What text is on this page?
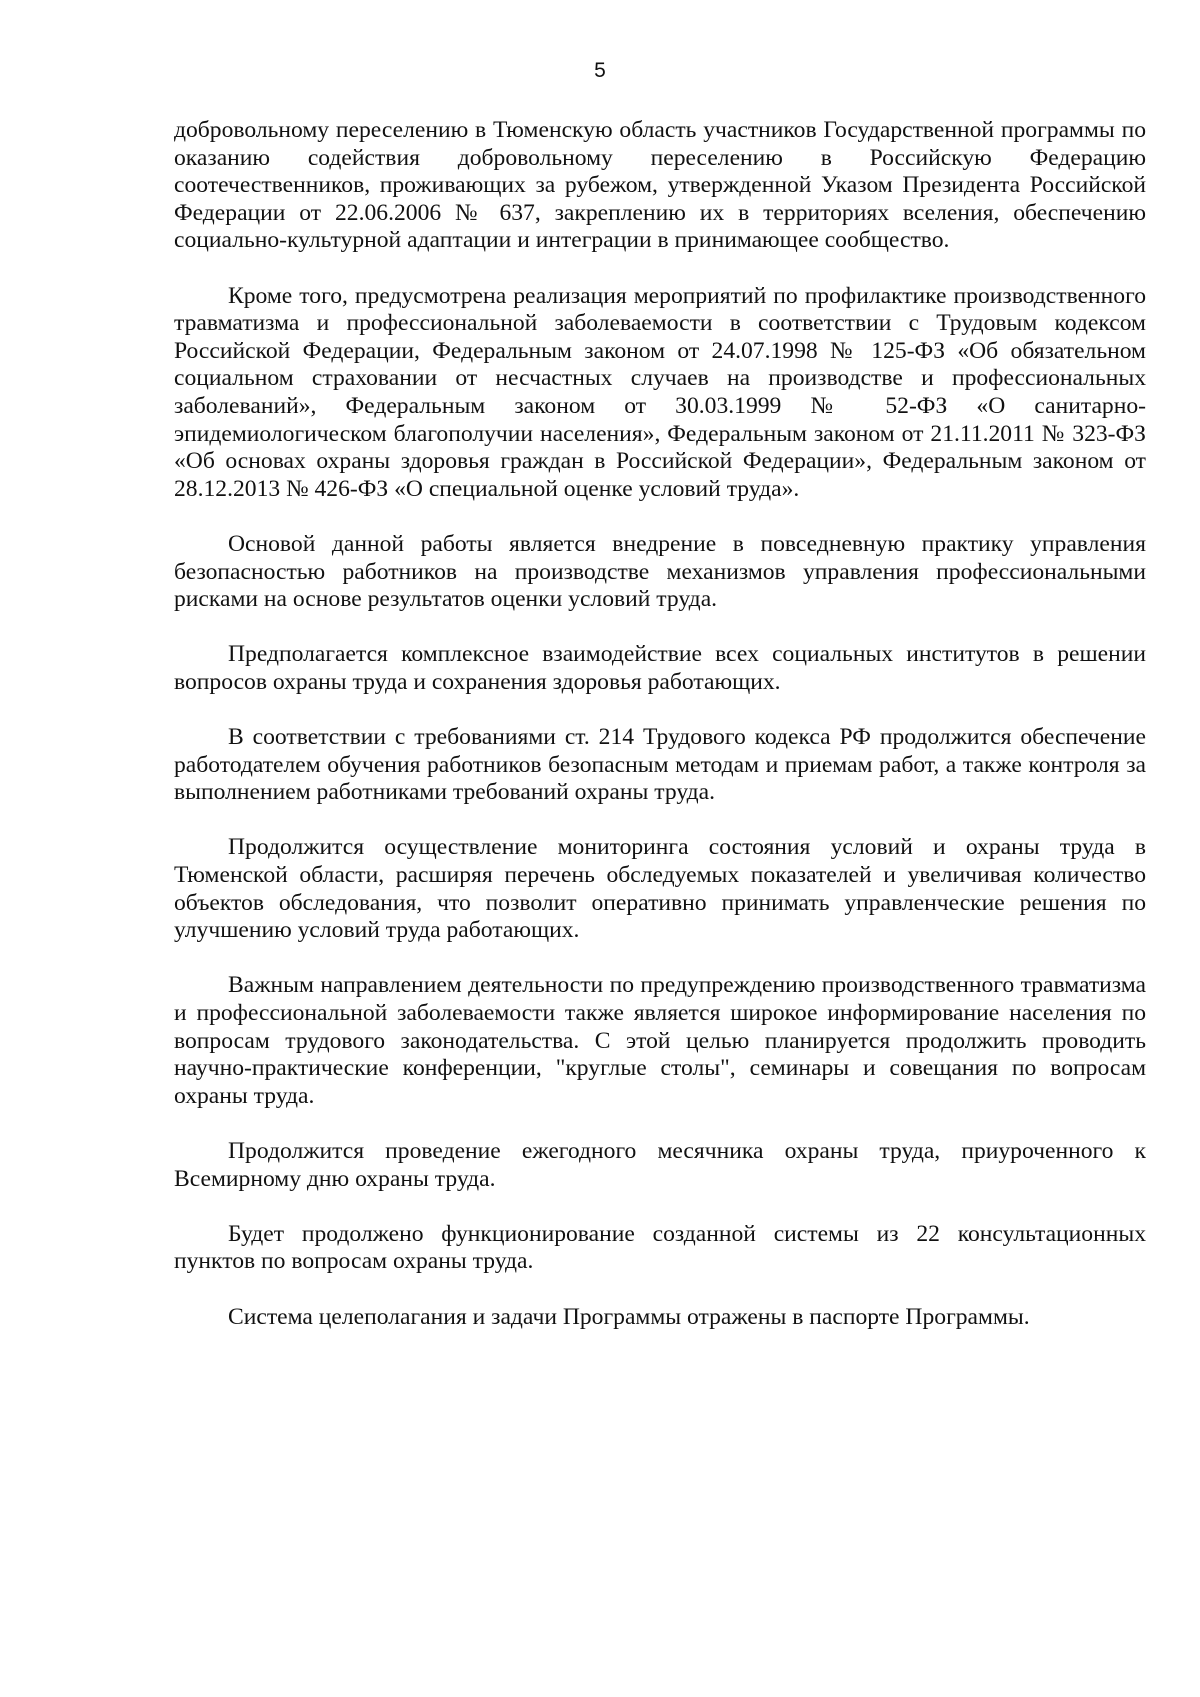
5

добровольному переселению в Тюменскую область участников Государственной программы по оказанию содействия добровольному переселению в Российскую Федерацию соотечественников, проживающих за рубежом, утвержденной Указом Президента Российской Федерации от 22.06.2006 № 637, закреплению их в территориях вселения, обеспечению социально-культурной адаптации и интеграции в принимающее сообщество.

Кроме того, предусмотрена реализация мероприятий по профилактике производственного травматизма и профессиональной заболеваемости в соответствии с Трудовым кодексом Российской Федерации, Федеральным законом от 24.07.1998 № 125-ФЗ «Об обязательном социальном страховании от несчастных случаев на производстве и профессиональных заболеваний», Федеральным законом от 30.03.1999 № 52-ФЗ «О санитарно-эпидемиологическом благополучии населения», Федеральным законом от 21.11.2011 № 323-ФЗ «Об основах охраны здоровья граждан в Российской Федерации», Федеральным законом от 28.12.2013 № 426-ФЗ «О специальной оценке условий труда».

Основой данной работы является внедрение в повседневную практику управления безопасностью работников на производстве механизмов управления профессиональными рисками на основе результатов оценки условий труда.

Предполагается комплексное взаимодействие всех социальных институтов в решении вопросов охраны труда и сохранения здоровья работающих.

В соответствии с требованиями ст. 214 Трудового кодекса РФ продолжится обеспечение работодателем обучения работников безопасным методам и приемам работ, а также контроля за выполнением работниками требований охраны труда.

Продолжится осуществление мониторинга состояния условий и охраны труда в Тюменской области, расширяя перечень обследуемых показателей и увеличивая количество объектов обследования, что позволит оперативно принимать управленческие решения по улучшению условий труда работающих.

Важным направлением деятельности по предупреждению производственного травматизма и профессиональной заболеваемости также является широкое информирование населения по вопросам трудового законодательства. С этой целью планируется продолжить проводить научно-практические конференции, "круглые столы", семинары и совещания по вопросам охраны труда.

Продолжится проведение ежегодного месячника охраны труда, приуроченного к Всемирному дню охраны труда.

Будет продолжено функционирование созданной системы из 22 консультационных пунктов по вопросам охраны труда.

Система целеполагания и задачи Программы отражены в паспорте Программы.
